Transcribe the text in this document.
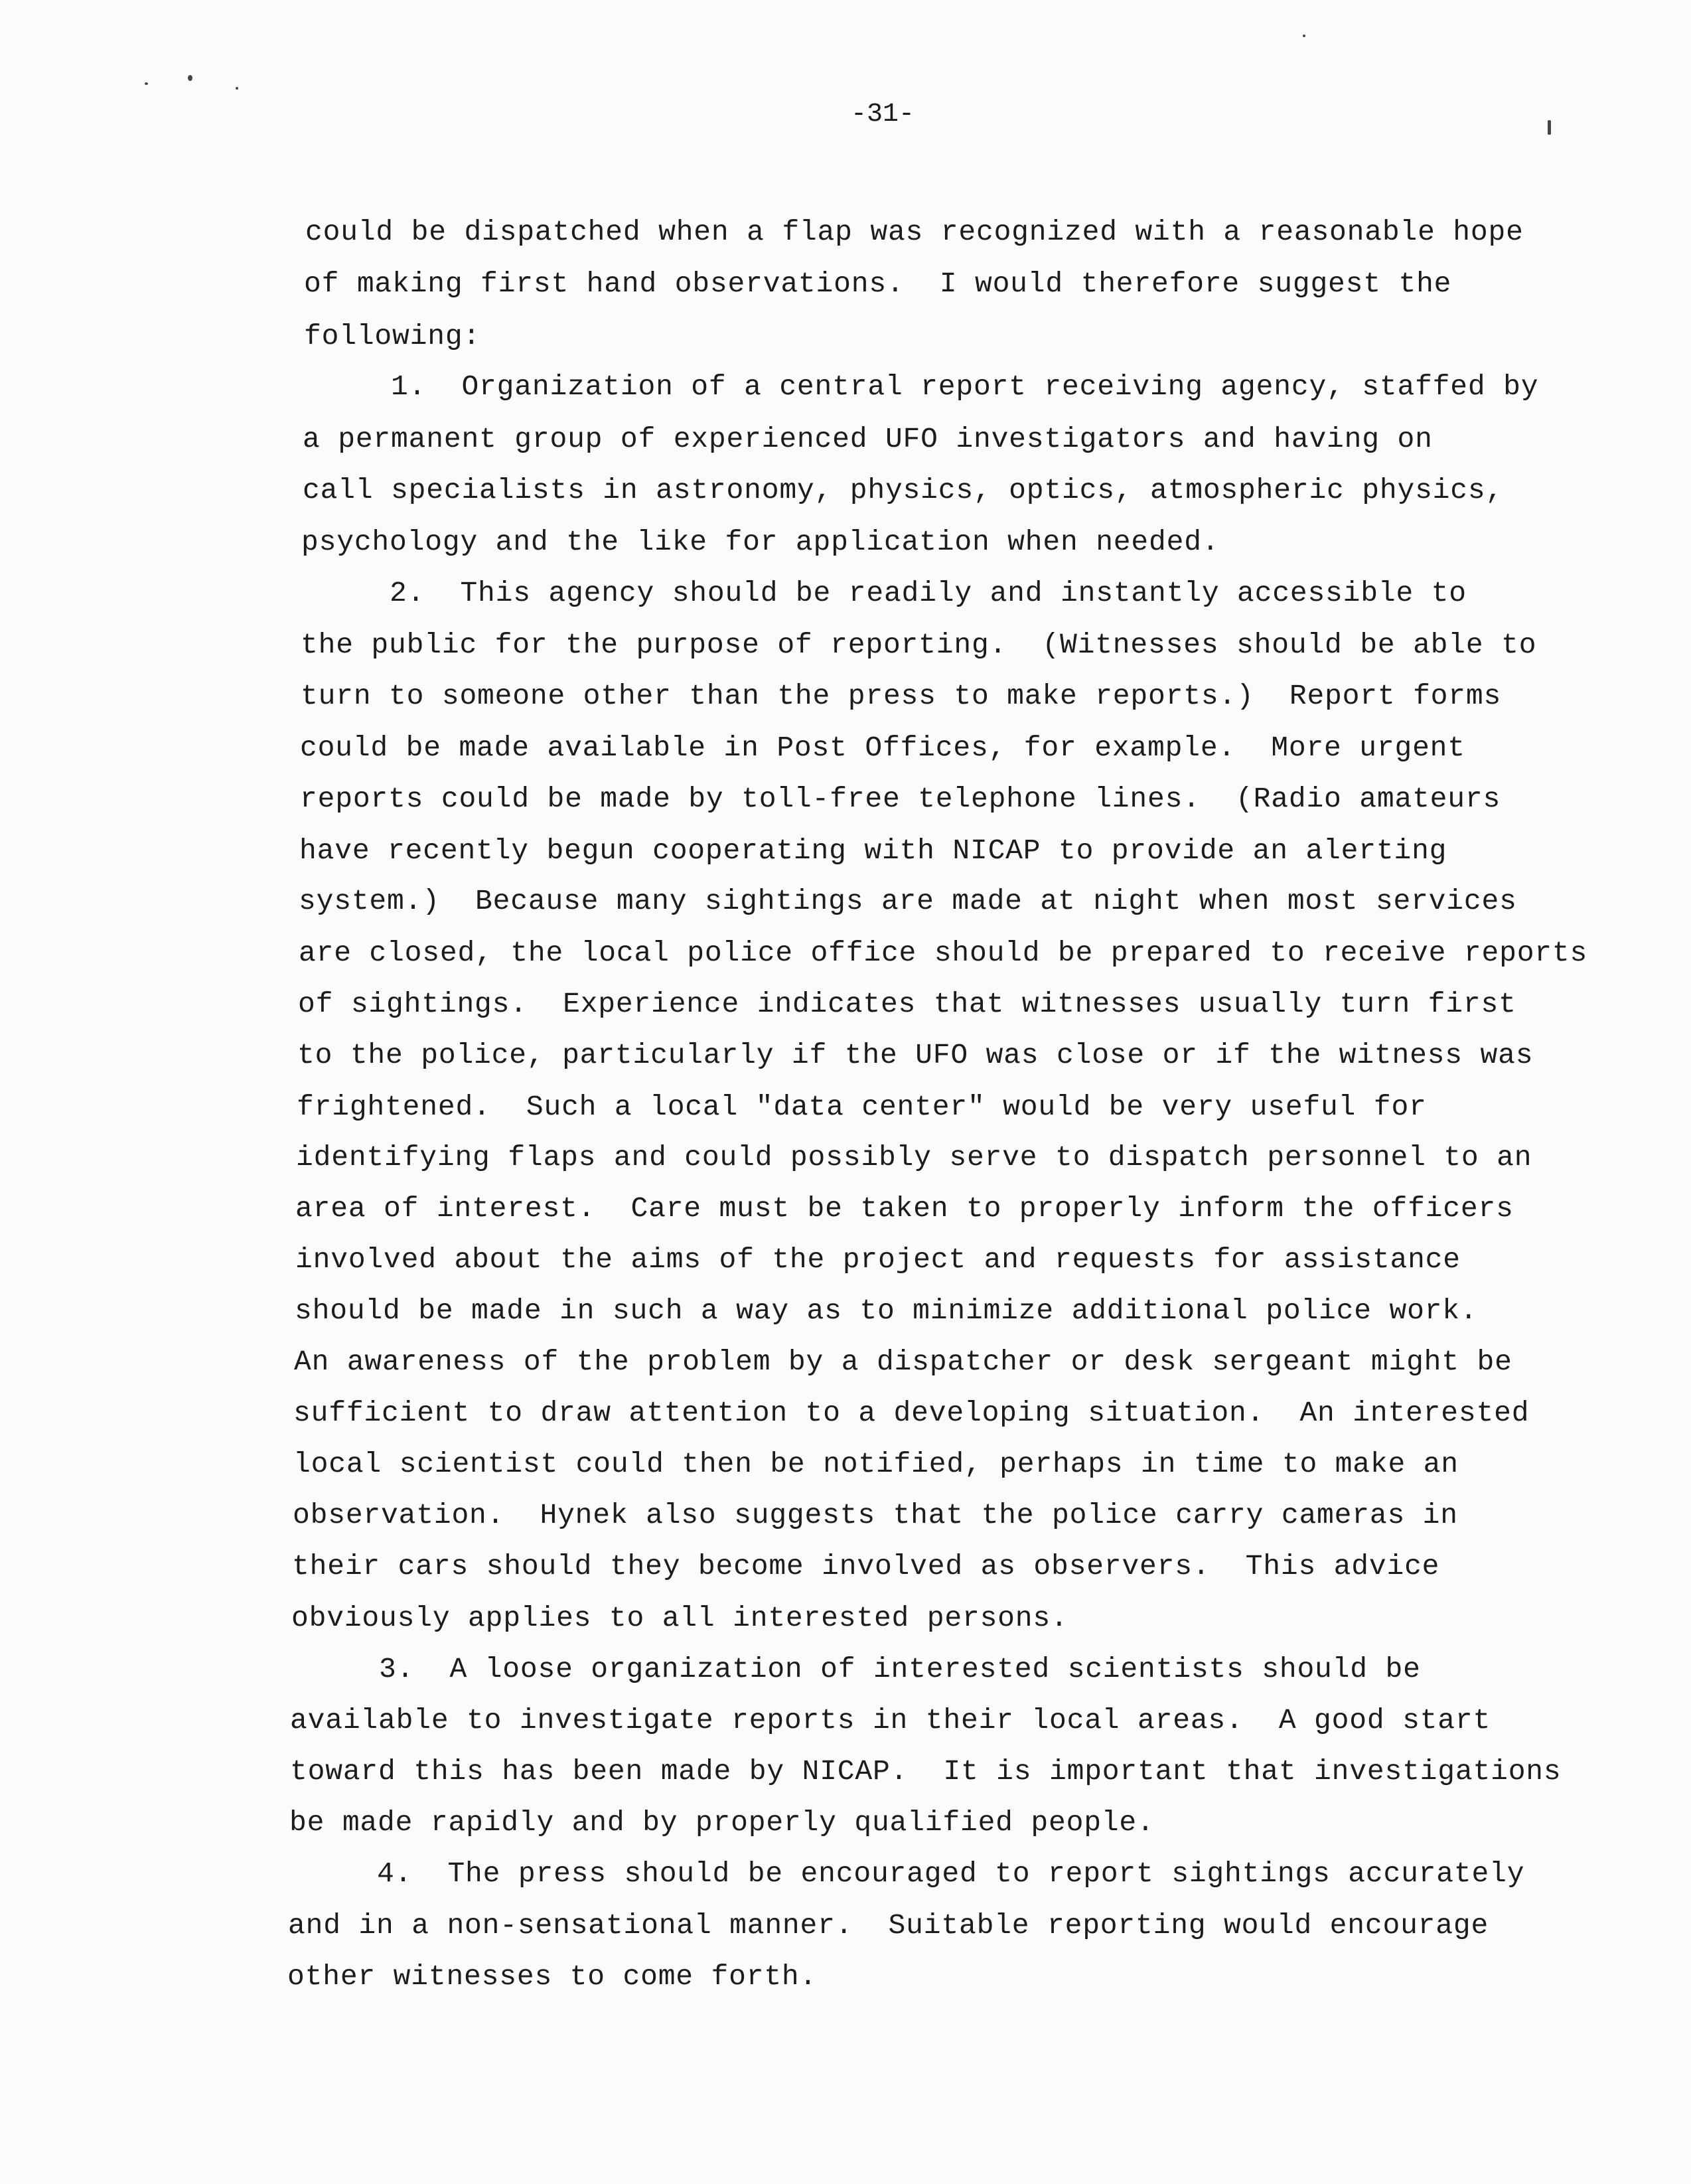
-31-
could be dispatched when a flap was recognized with a reasonable hope
of making first hand observations.  I would therefore suggest the
following:
1.  Organization of a central report receiving agency, staffed by
a permanent group of experienced UFO investigators and having on
call specialists in astronomy, physics, optics, atmospheric physics,
psychology and the like for application when needed.
2.  This agency should be readily and instantly accessible to
the public for the purpose of reporting.  (Witnesses should be able to
turn to someone other than the press to make reports.)  Report forms
could be made available in Post Offices, for example.  More urgent
reports could be made by toll-free telephone lines.  (Radio amateurs
have recently begun cooperating with NICAP to provide an alerting
system.)  Because many sightings are made at night when most services
are closed, the local police office should be prepared to receive reports
of sightings.  Experience indicates that witnesses usually turn first
to the police, particularly if the UFO was close or if the witness was
frightened.  Such a local "data center" would be very useful for
identifying flaps and could possibly serve to dispatch personnel to an
area of interest.  Care must be taken to properly inform the officers
involved about the aims of the project and requests for assistance
should be made in such a way as to minimize additional police work.
An awareness of the problem by a dispatcher or desk sergeant might be
sufficient to draw attention to a developing situation.  An interested
local scientist could then be notified, perhaps in time to make an
observation.  Hynek also suggests that the police carry cameras in
their cars should they become involved as observers.  This advice
obviously applies to all interested persons.
3.  A loose organization of interested scientists should be
available to investigate reports in their local areas.  A good start
toward this has been made by NICAP.  It is important that investigations
be made rapidly and by properly qualified people.
4.  The press should be encouraged to report sightings accurately
and in a non-sensational manner.  Suitable reporting would encourage
other witnesses to come forth.
